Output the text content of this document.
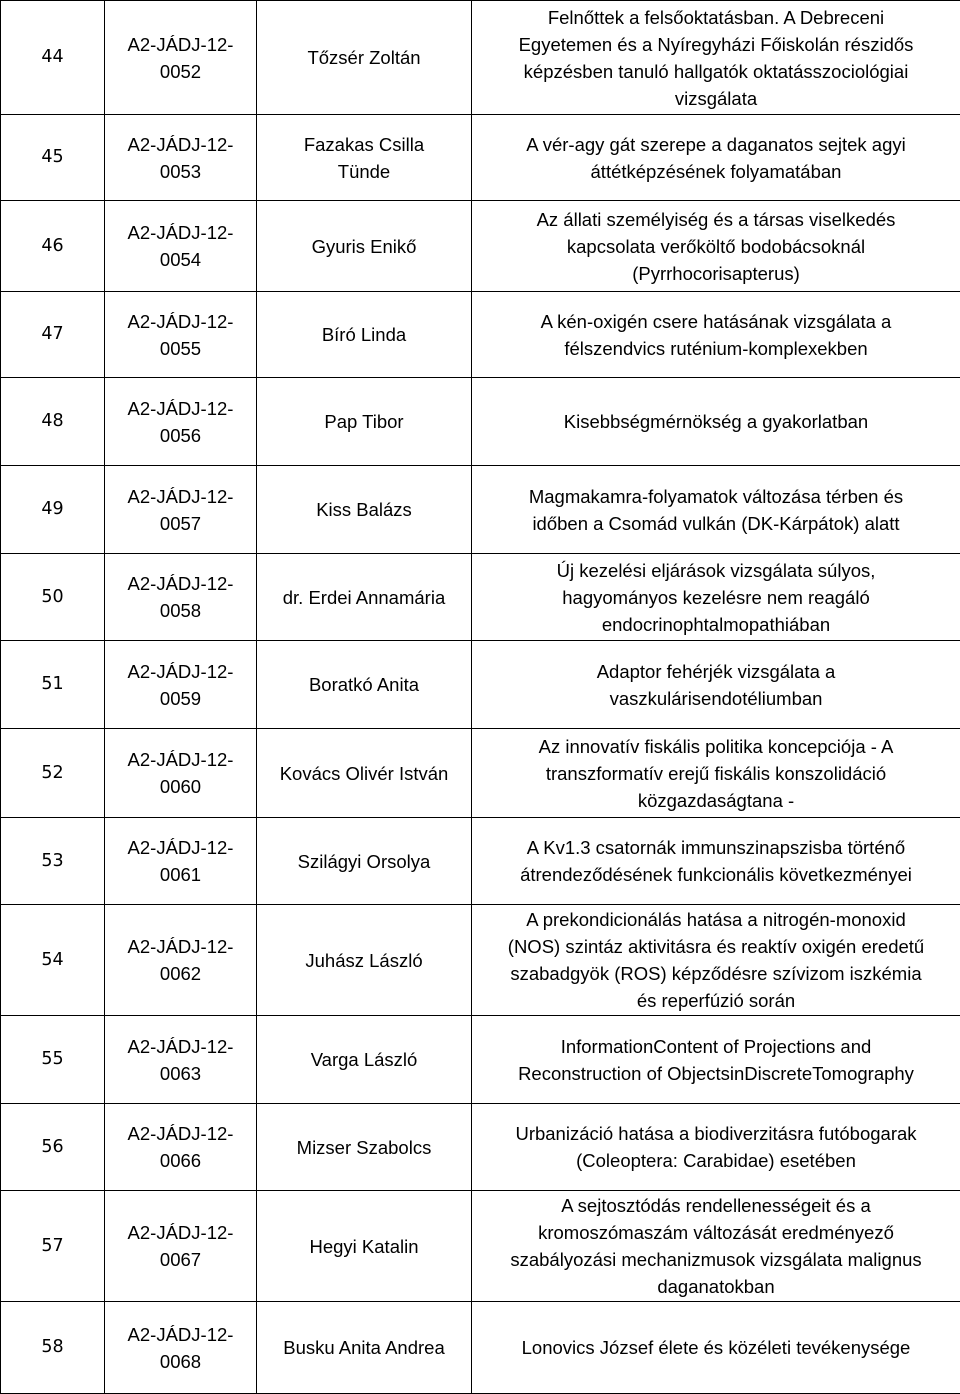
44	A2-JÁDJ-12-
0052	Tőzsér Zoltán	Felnőttek a felsőoktatásban. A Debreceni
Egyetemen és a Nyíregyházi Főiskolán részidős
képzésben tanuló hallgatók oktatásszociológiai
vizsgálata
45	A2-JÁDJ-12-
0053	Fazakas Csilla
Tünde	A vér-agy gát szerepe a daganatos sejtek agyi
áttétképzésének folyamatában
46	A2-JÁDJ-12-
0054	Gyuris Enikő	Az állati személyiség és a társas viselkedés
kapcsolata verőköltő bodobácsoknál
(Pyrrhocorisapterus)
47	A2-JÁDJ-12-
0055	Bíró Linda	A kén-oxigén csere hatásának vizsgálata a
félszendvics ruténium-komplexekben
48	A2-JÁDJ-12-
0056	Pap Tibor	Kisebbségmérnökség a gyakorlatban
49	A2-JÁDJ-12-
0057	Kiss Balázs	Magmakamra-folyamatok változása térben és
időben a Csomád vulkán (DK-Kárpátok) alatt
50	A2-JÁDJ-12-
0058	dr. Erdei Annamária	Új kezelési eljárások vizsgálata súlyos,
hagyományos kezelésre nem reagáló
endocrinophtalmopathiában
51	A2-JÁDJ-12-
0059	Boratkó Anita	Adaptor fehérjék vizsgálata a
vaszkulárisendotéliumban
52	A2-JÁDJ-12-
0060	Kovács Olivér István	Az innovatív fiskális politika koncepciója - A
transzformatív erejű fiskális konszolidáció
közgazdaságtana -
53	A2-JÁDJ-12-
0061	Szilágyi Orsolya	A Kv1.3 csatornák immunszinapszisba történő
átrendeződésének funkcionális következményei
54	A2-JÁDJ-12-
0062	Juhász László	A prekondicionálás hatása a nitrogén-monoxid
(NOS) szintáz aktivitásra és reaktív oxigén eredetű
szabadgyök (ROS) képződésre szívizom iszkémia
és reperfúzió során
55	A2-JÁDJ-12-
0063	Varga László	InformationContent of Projections and
Reconstruction of ObjectsinDiscreteTomography
56	A2-JÁDJ-12-
0066	Mizser Szabolcs	Urbanizáció hatása a biodiverzitásra futóbogarak
(Coleoptera: Carabidae) esetében
57	A2-JÁDJ-12-
0067	Hegyi Katalin	A sejtosztódás rendellenességeit és a
kromoszómaszám változását eredményező
szabályozási mechanizmusok vizsgálata malignus
daganatokban
58	A2-JÁDJ-12-
0068	Busku Anita Andrea	Lonovics József élete és közéleti tevékenysége
